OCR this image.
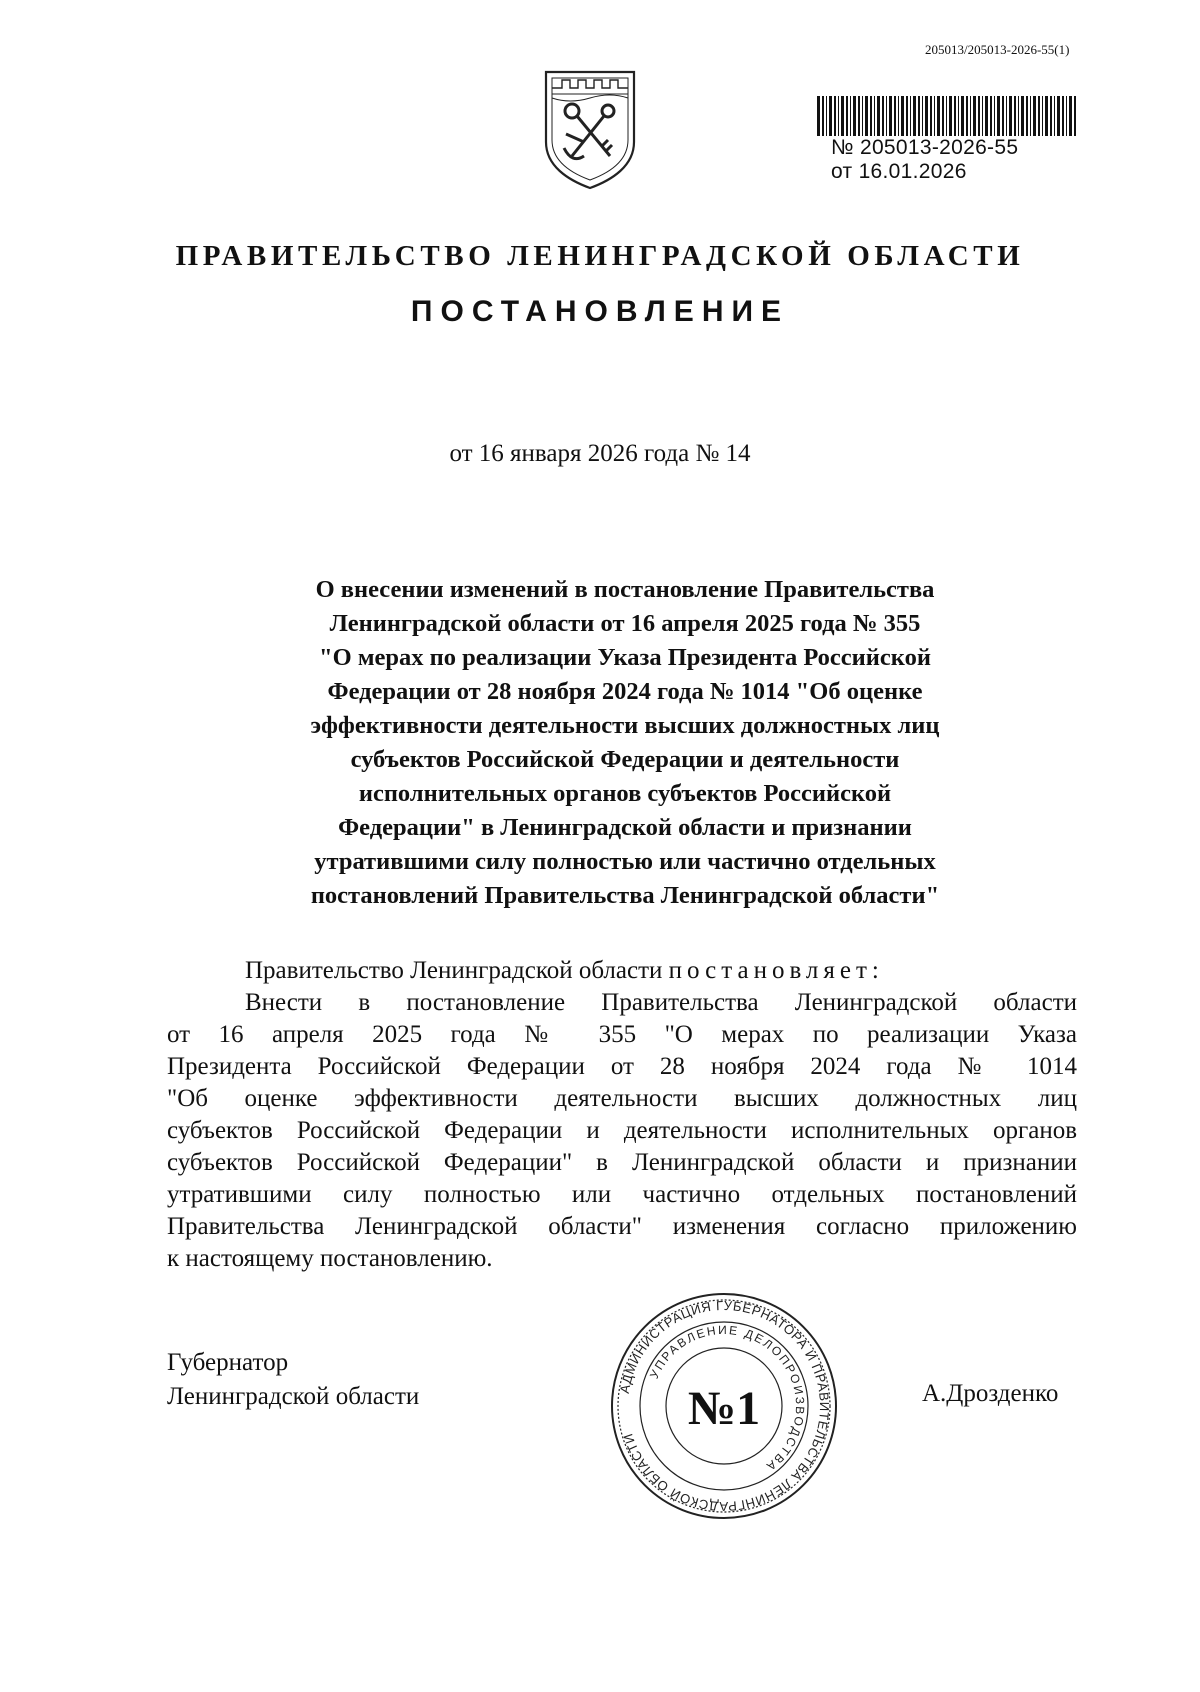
205013/205013-2026-55(1)
№ 205013-2026-55
от 16.01.2026
ПРАВИТЕЛЬСТВО ЛЕНИНГРАДСКОЙ ОБЛАСТИ
ПОСТАНОВЛЕНИЕ
от 16 января 2026 года № 14
О внесении изменений в постановление Правительства
Ленинградской области от 16 апреля 2025 года № 355
"О мерах по реализации Указа Президента Российской
Федерации от 28 ноября 2024 года № 1014 "Об оценке
эффективности деятельности высших должностных лиц
субъектов Российской Федерации и деятельности
исполнительных органов субъектов Российской
Федерации" в Ленинградской области и признании
утратившими силу полностью или частично отдельных
постановлений Правительства Ленинградской области"
Правительство Ленинградской области постановляет:
Внести в постановление Правительства Ленинградской области
от 16 апреля 2025 года № 355 "О мерах по реализации Указа
Президента Российской Федерации от 28 ноября 2024 года № 1014
"Об оценке эффективности деятельности высших должностных лиц
субъектов Российской Федерации и деятельности исполнительных органов
субъектов Российской Федерации" в Ленинградской области и признании
утратившими силу полностью или частично отдельных постановлений
Правительства Ленинградской области" изменения согласно приложению
к настоящему постановлению.
Губернатор
Ленинградской области	А.Дрозденко
АДМИНИСТРАЦИЯ ГУБЕРНАТОРА И ПРАВИТЕЛЬСТВА ЛЕНИНГРАДСКОЙ ОБЛАСТИ
УПРАВЛЕНИЕ ДЕЛОПРОИЗВОДСТВА
№1
